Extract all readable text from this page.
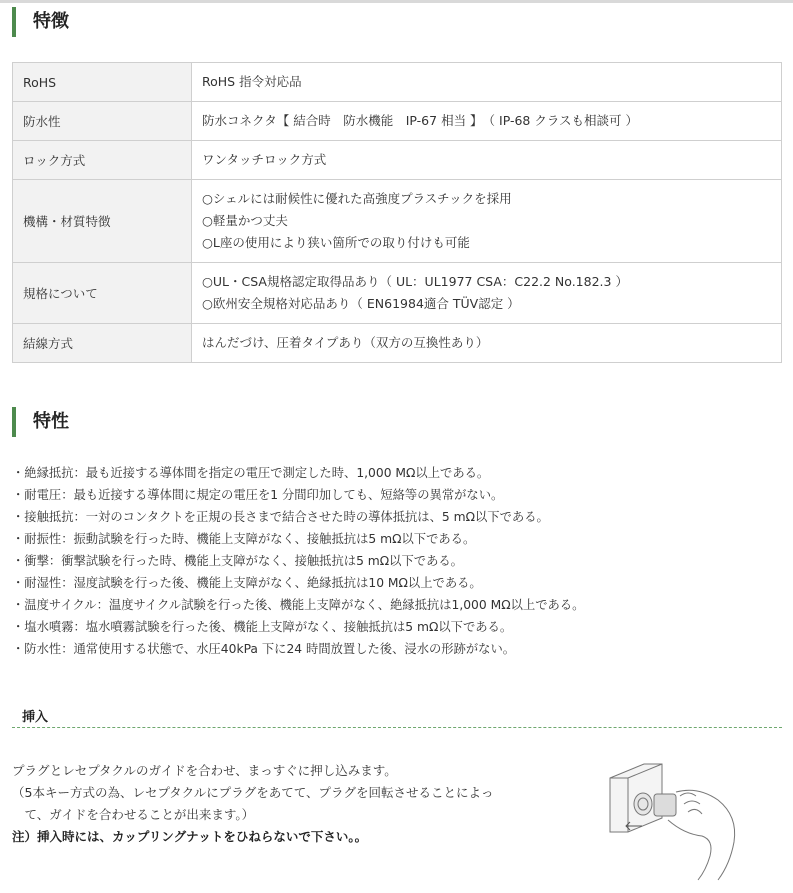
特徴
RoHS	RoHS 指令対応品

防水性	防水コネクタ【 結合時　防水機能　IP-67 相当 】　（ IP-68 クラスも相談可 ）

ロック方式	ワンタッチロック方式

機構・材質特徴	○シェルには耐候性に優れた高強度プラスチックを採用
○軽量かつ丈夫
○L座の使用により狭い箇所での取り付けも可能

規格について	○UL・CSA規格認定取得品あり（ UL：UL1977 CSA：C22.2 No.182.3 ）
○欧州安全規格対応品あり（ EN61984適合 TÜV認定 ）

結線方式	はんだづけ、圧着タイプあり（双方の互換性あり）
特性
・絶縁抵抗：最も近接する導体間を指定の電圧で測定した時、1,000 MΩ以上である。
・耐電圧：最も近接する導体間に規定の電圧を1 分間印加しても、短絡等の異常がない。
・接触抵抗：一対のコンタクトを正規の長さまで結合させた時の導体抵抗は、5 mΩ以下である。
・耐振性：振動試験を行った時、機能上支障がなく、接触抵抗は5 mΩ以下である。
・衝撃：衝撃試験を行った時、機能上支障がなく、接触抵抗は5 mΩ以下である。
・耐湿性：湿度試験を行った後、機能上支障がなく、絶縁抵抗は10 MΩ以上である。
・温度サイクル：温度サイクル試験を行った後、機能上支障がなく、絶縁抵抗は1,000 MΩ以上である。
・塩水噴霧：塩水噴霧試験を行った後、機能上支障がなく、接触抵抗は5 mΩ以下である。
・防水性：通常使用する状態で、水圧40kPa 下に24 時間放置した後、浸水の形跡がない。
挿入
プラグとレセプタクルのガイドを合わせ、まっすぐに押し込みます。
（5本キー方式の為、レセプタクルにプラグをあてて、プラグを回転させることによっ
　て、ガイドを合わせることが出来ます。）
注）挿入時には、カップリングナットをひねらないで下さい。。
